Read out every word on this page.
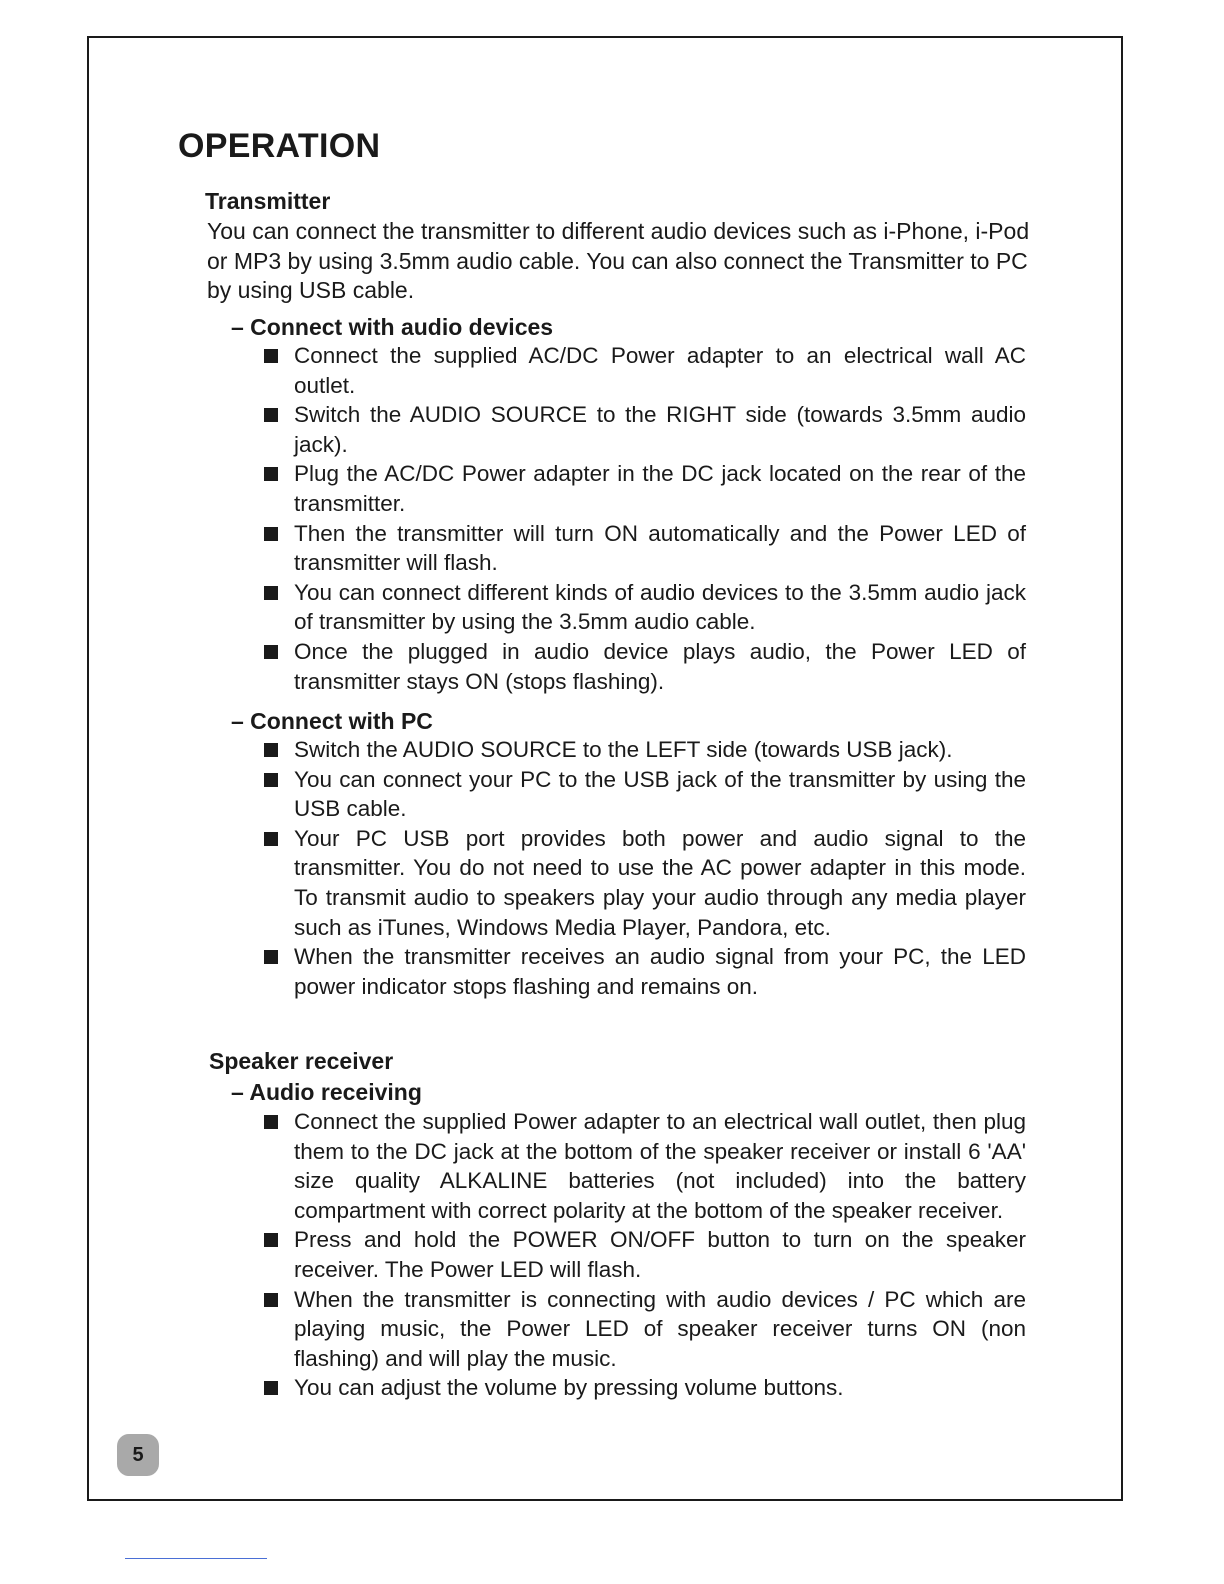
OPERATION
Transmitter

You can connect the transmitter to different audio devices such as i-Phone, i-Pod or MP3 by using 3.5mm audio cable. You can also connect the Transmitter to PC by using USB cable.

– Connect with audio devices
Connect the supplied AC/DC Power adapter to an electrical wall AC outlet.
Switch the AUDIO SOURCE to the RIGHT side (towards 3.5mm audio jack).
Plug the AC/DC Power adapter in the DC jack located on the rear of the transmitter.
Then the transmitter will turn ON automatically and the Power LED of transmitter will flash.
You can connect different kinds of audio devices to the 3.5mm audio jack of transmitter by using the 3.5mm audio cable.
Once the plugged in audio device plays audio, the Power LED of transmitter stays ON (stops flashing).
– Connect with PC
Switch the AUDIO SOURCE to the LEFT side (towards USB jack).
You can connect your PC to the USB jack of the transmitter by using the USB cable.
Your PC USB port provides both power and audio signal to the transmitter. You do not need to use the AC power adapter in this mode. To transmit audio to speakers play your audio through any media player such as iTunes, Windows Media Player, Pandora, etc.
When the transmitter receives an audio signal from your PC, the LED power indicator stops flashing and remains on.
Speaker receiver
– Audio receiving
Connect the supplied Power adapter to an electrical wall outlet, then plug them to the DC jack at the bottom of the speaker receiver or install 6 'AA' size quality ALKALINE batteries (not included) into the battery compartment with correct polarity at the bottom of the speaker receiver.
Press and hold the POWER ON/OFF button to turn on the speaker receiver. The Power LED will flash.
When the transmitter is connecting with audio devices / PC which are playing music, the Power LED of speaker receiver turns ON (non flashing) and will play the music.
You can adjust the volume by pressing volume buttons.
5
